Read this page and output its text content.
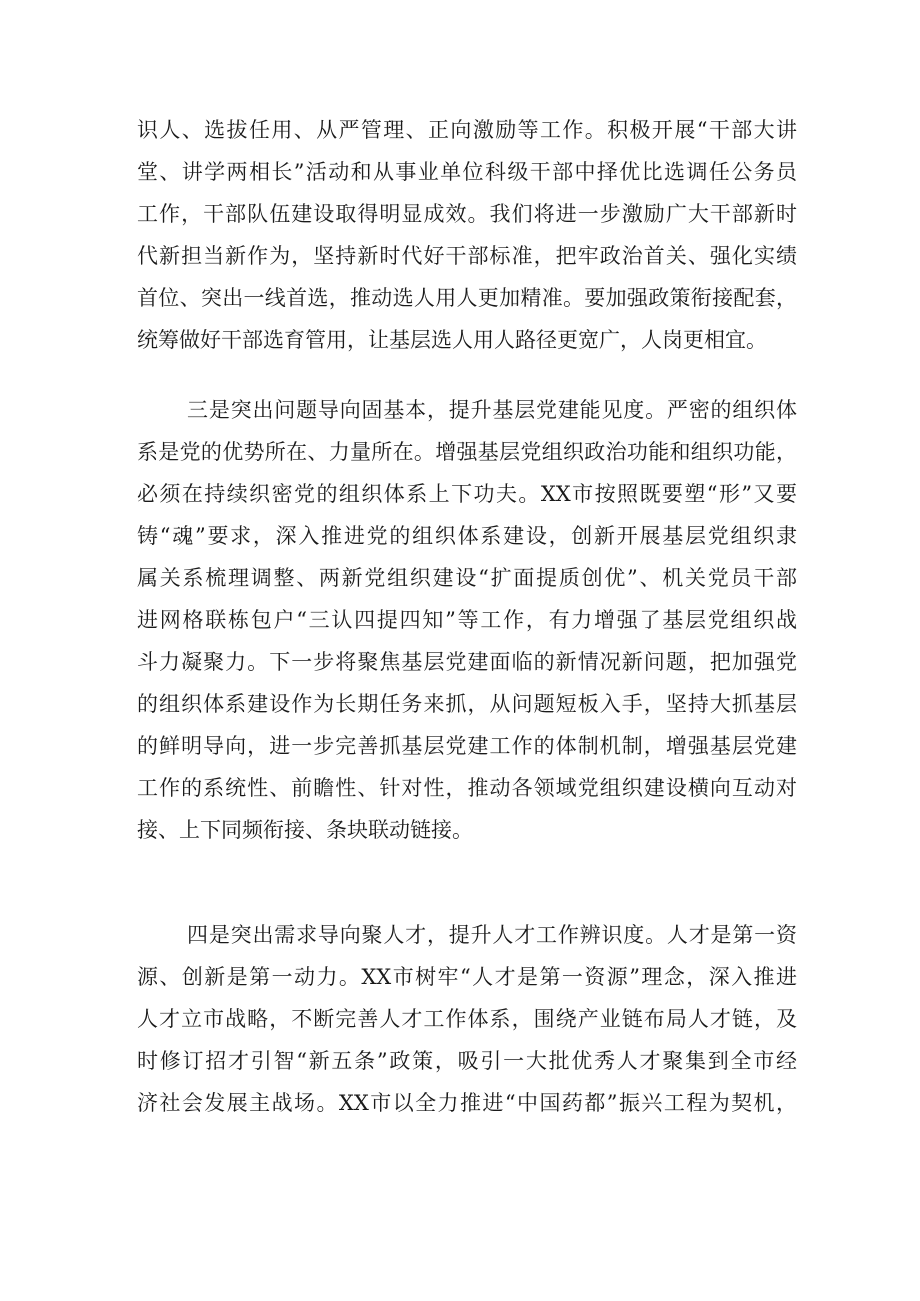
识人、选拔任用、从严管理、正向激励等工作。积极开展“干部大讲
堂、讲学两相长”活动和从事业单位科级干部中择优比选调任公务员
工作，干部队伍建设取得明显成效。我们将进一步激励广大干部新时
代新担当新作为，坚持新时代好干部标准，把牢政治首关、强化实绩
首位、突出一线首选，推动选人用人更加精准。要加强政策衔接配套，
统筹做好干部选育管用，让基层选人用人路径更宽广，人岗更相宜。
三是突出问题导向固基本，提升基层党建能见度。严密的组织体
系是党的优势所在、力量所在。增强基层党组织政治功能和组织功能，
必须在持续织密党的组织体系上下功夫。XX市按照既要塑“形”又要
铸“魂”要求，深入推进党的组织体系建设，创新开展基层党组织隶
属关系梳理调整、两新党组织建设“扩面提质创优”、机关党员干部
进网格联栋包户“三认四提四知”等工作，有力增强了基层党组织战
斗力凝聚力。下一步将聚焦基层党建面临的新情况新问题，把加强党
的组织体系建设作为长期任务来抓，从问题短板入手，坚持大抓基层
的鲜明导向，进一步完善抓基层党建工作的体制机制，增强基层党建
工作的系统性、前瞻性、针对性，推动各领域党组织建设横向互动对
接、上下同频衔接、条块联动链接。
四是突出需求导向聚人才，提升人才工作辨识度。人才是第一资
源、创新是第一动力。XX市树牢“人才是第一资源”理念，深入推进
人才立市战略，不断完善人才工作体系，围绕产业链布局人才链，及
时修订招才引智“新五条”政策，吸引一大批优秀人才聚集到全市经
济社会发展主战场。XX市以全力推进“中国药都”振兴工程为契机，
